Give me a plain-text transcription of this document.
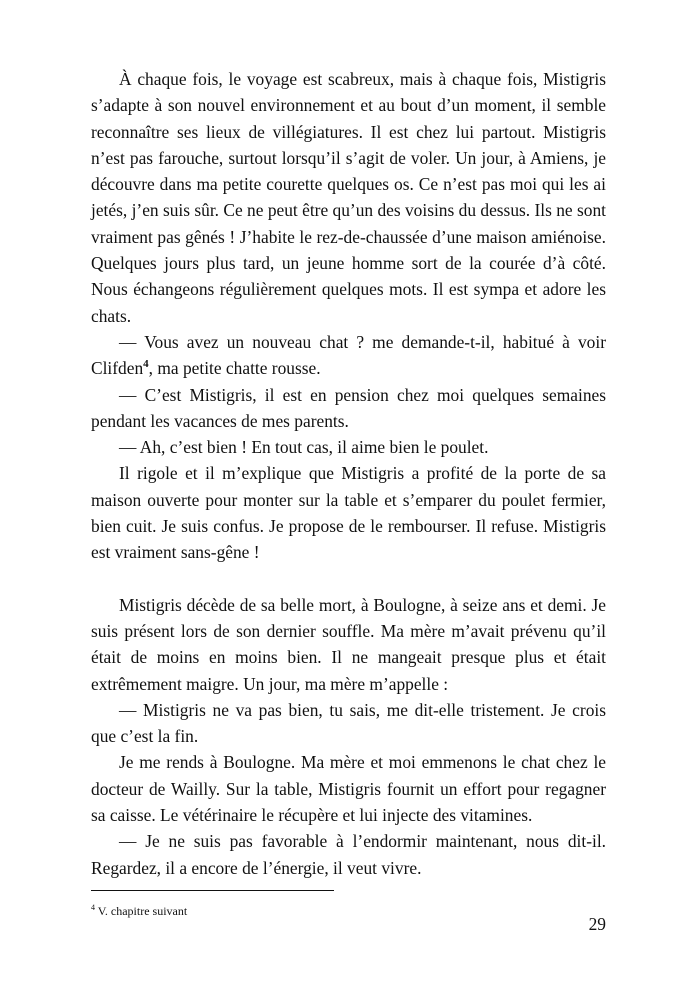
À chaque fois, le voyage est scabreux, mais à chaque fois, Mistigris s’adapte à son nouvel environnement et au bout d’un moment, il semble reconnaître ses lieux de villégiatures. Il est chez lui partout. Mistigris n’est pas farouche, surtout lorsqu’il s’agit de voler. Un jour, à Amiens, je découvre dans ma petite courette quelques os. Ce n’est pas moi qui les ai jetés, j’en suis sûr. Ce ne peut être qu’un des voisins du dessus. Ils ne sont vraiment pas gênés ! J’habite le rez-de-chaussée d’une maison amiénoise. Quelques jours plus tard, un jeune homme sort de la courée d’à côté. Nous échangeons régulièrement quelques mots. Il est sympa et adore les chats.

— Vous avez un nouveau chat ? me demande-t-il, habitué à voir Clifden$^4$, ma petite chatte rousse.

— C’est Mistigris, il est en pension chez moi quelques semaines pendant les vacances de mes parents.

— Ah, c’est bien ! En tout cas, il aime bien le poulet.

Il rigole et il m’explique que Mistigris a profité de la porte de sa maison ouverte pour monter sur la table et s’emparer du poulet fermier, bien cuit. Je suis confus. Je propose de le rembourser. Il refuse. Mistigris est vraiment sans-gêne !

Mistigris décède de sa belle mort, à Boulogne, à seize ans et demi. Je suis présent lors de son dernier souffle. Ma mère m’avait prévenu qu’il était de moins en moins bien. Il ne mangeait presque plus et était extrêmement maigre. Un jour, ma mère m’appelle :

— Mistigris ne va pas bien, tu sais, me dit-elle tristement. Je crois que c’est la fin.

Je me rends à Boulogne. Ma mère et moi emmenons le chat chez le docteur de Wailly. Sur la table, Mistigris fournit un effort pour regagner sa caisse. Le vétérinaire le récupère et lui injecte des vitamines.

— Je ne suis pas favorable à l’endormir maintenant, nous dit-il. Regardez, il a encore de l’énergie, il veut vivre.

$^4$ V. chapitre suivant
29
